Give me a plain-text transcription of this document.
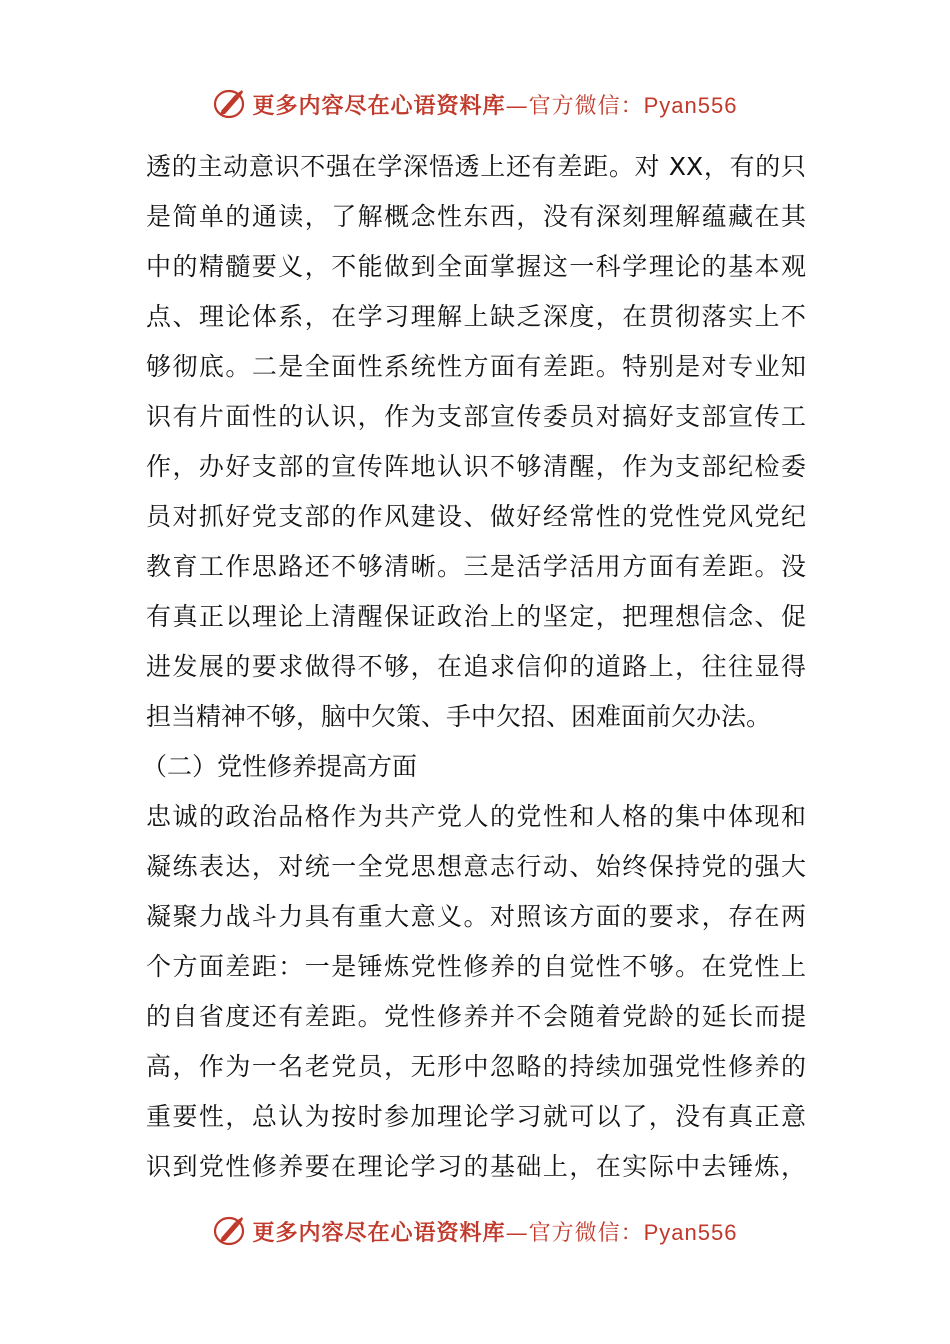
更多内容尽在心语资料库—官方微信：Pyan556
透的主动意识不强在学深悟透上还有差距。对 XX，有的只
是简单的通读，了解概念性东西，没有深刻理解蕴藏在其
中的精髓要义，不能做到全面掌握这一科学理论的基本观
点、理论体系，在学习理解上缺乏深度，在贯彻落实上不
够彻底。二是全面性系统性方面有差距。特别是对专业知
识有片面性的认识，作为支部宣传委员对搞好支部宣传工
作，办好支部的宣传阵地认识不够清醒，作为支部纪检委
员对抓好党支部的作风建设、做好经常性的党性党风党纪
教育工作思路还不够清晰。三是活学活用方面有差距。没
有真正以理论上清醒保证政治上的坚定，把理想信念、促
进发展的要求做得不够，在追求信仰的道路上，往往显得
担当精神不够，脑中欠策、手中欠招、困难面前欠办法。
（二）党性修养提高方面
忠诚的政治品格作为共产党人的党性和人格的集中体现和
凝练表达，对统一全党思想意志行动、始终保持党的强大
凝聚力战斗力具有重大意义。对照该方面的要求，存在两
个方面差距：一是锤炼党性修养的自觉性不够。在党性上
的自省度还有差距。党性修养并不会随着党龄的延长而提
高，作为一名老党员，无形中忽略的持续加强党性修养的
重要性，总认为按时参加理论学习就可以了，没有真正意
识到党性修养要在理论学习的基础上，在实际中去锤炼，
更多内容尽在心语资料库—官方微信：Pyan556
